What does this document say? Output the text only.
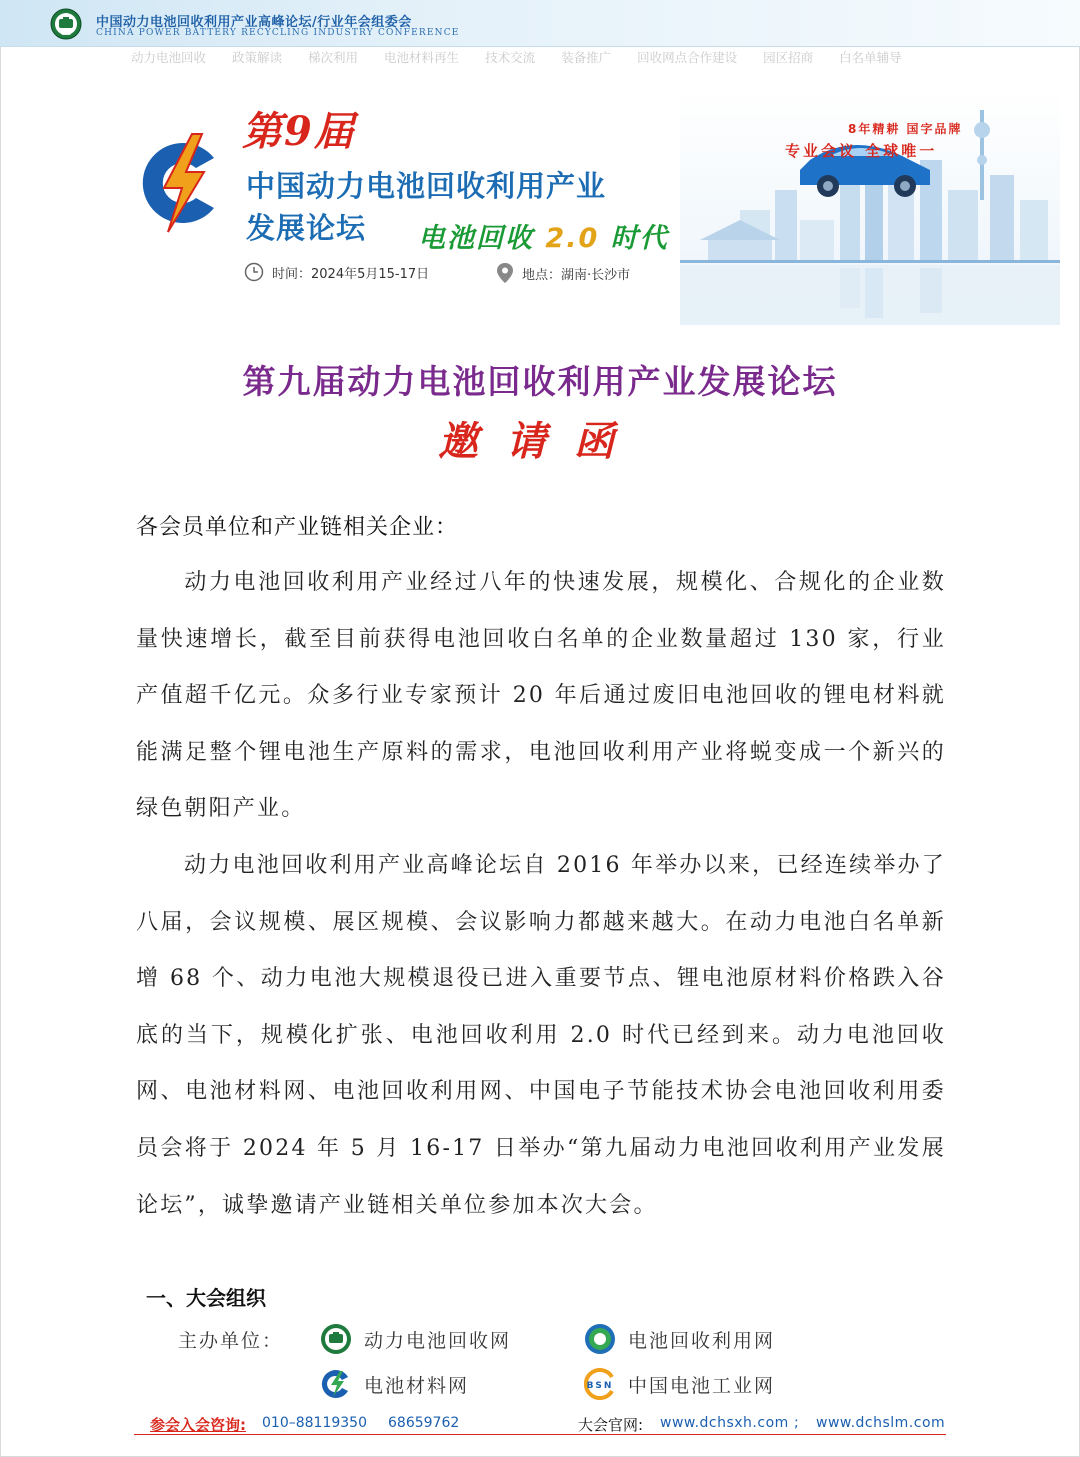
CPB
中国动力电池回收利用产业高峰论坛/行业年会组委会
CHINA POWER BATTERY RECYCLING INDUSTRY CONFERENCE
动力电池回收	政策解读	梯次利用	电池材料再生	技术交流	装备推广	回收网点合作建设	园区招商	白名单辅导
第9届
中国动力电池回收利用产业
发展论坛 电池回收 2.0 时代
时间：2024年5月15-17日	地点：湖南·长沙市
8年精耕 国字品牌
专业会议 全球唯一
第九届动力电池回收利用产业发展论坛
邀请函
各会员单位和产业链相关企业：

动力电池回收利用产业经过八年的快速发展，规模化、合规化的企业数量快速增长，截至目前获得电池回收白名单的企业数量超过 130 家，行业产值超千亿元。众多行业专家预计 20 年后通过废旧电池回收的锂电材料就能满足整个锂电池生产原料的需求，电池回收利用产业将蜕变成一个新兴的绿色朝阳产业。

动力电池回收利用产业高峰论坛自 2016 年举办以来，已经连续举办了八届，会议规模、展区规模、会议影响力都越来越大。在动力电池白名单新增 68 个、动力电池大规模退役已进入重要节点、锂电池原材料价格跌入谷底的当下，规模化扩张、电池回收利用 2.0 时代已经到来。动力电池回收网、电池材料网、电池回收利用网、中国电子节能技术协会电池回收利用委员会将于 2024 年 5 月 16-17 日举办“第九届动力电池回收利用产业发展论坛”，诚挚邀请产业链相关单位参加本次大会。

一、大会组织
主办单位：	动力电池回收网	电池回收利用网
电池材料网	BSN 中国电池工业网
参会入会咨询: 010–88119350 68659762	大会官网: www.dchsxh.com ; www.dchslm.com
